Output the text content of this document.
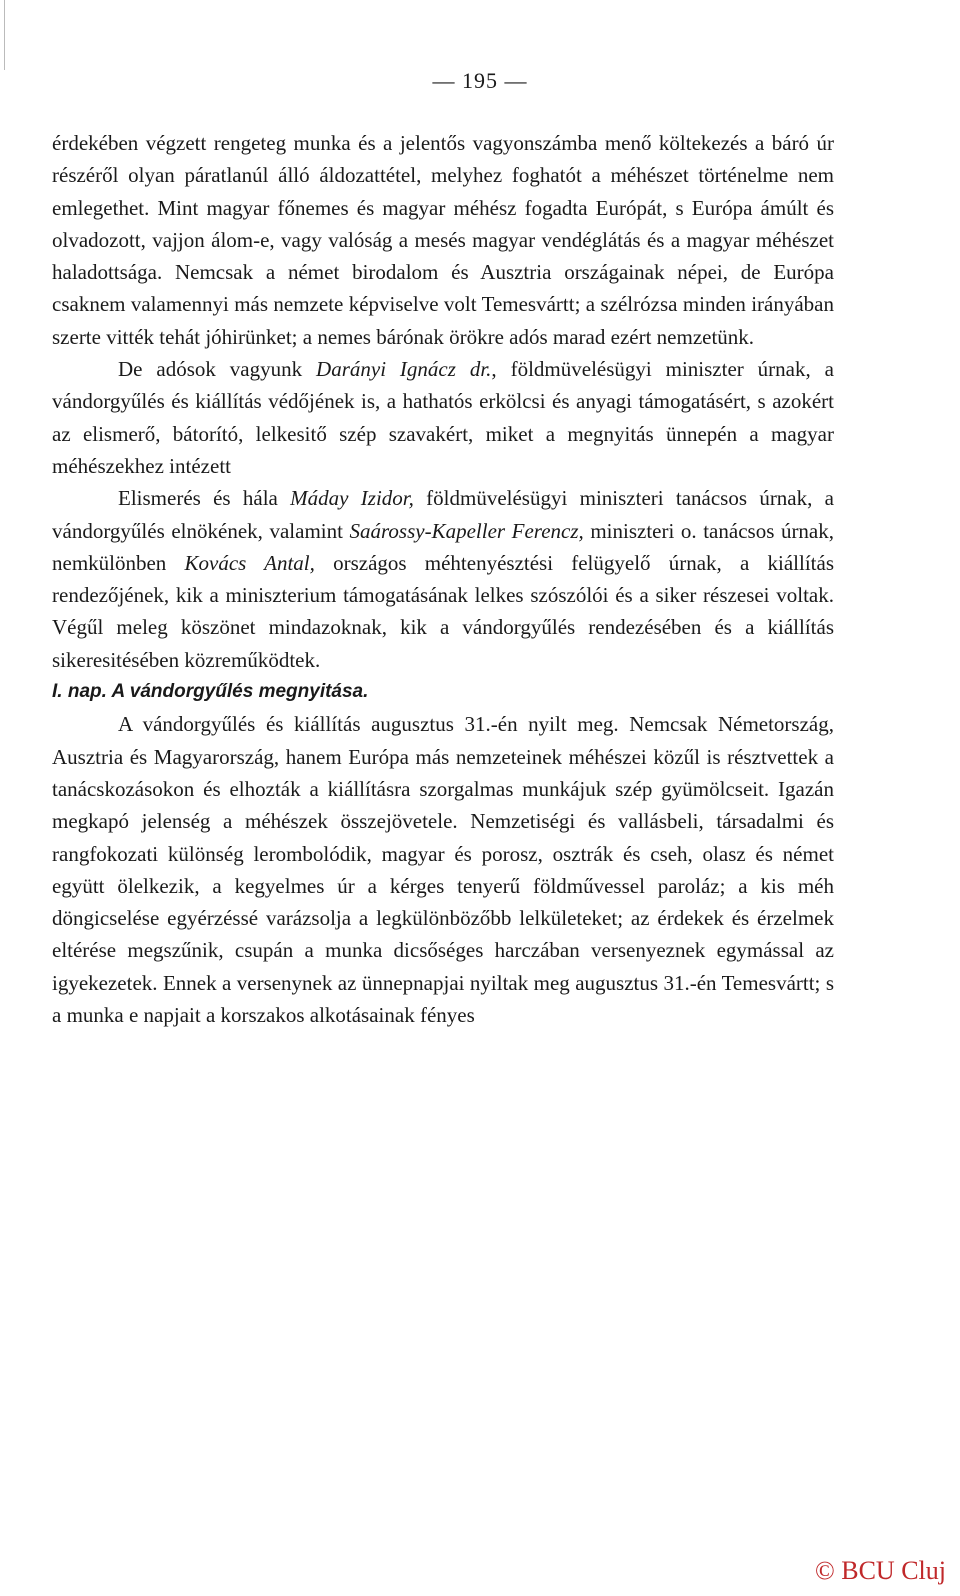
— 195 —

érdekében végzett rengeteg munka és a jelentős vagyonszámba menő költekezés a báró úr részéről olyan páratlanúl álló áldozattétel, melyhez foghatót a méhészet történelme nem emlegethet. Mint magyar főnemes és magyar méhész fogadta Európát, s Európa ámúlt és olvadozott, vajjon álom-e, vagy valóság a mesés magyar vendéglátás és a magyar méhészet haladottsága. Nemcsak a német birodalom és Ausztria országainak népei, de Európa csaknem valamennyi más nemzete képviselve volt Temesvártt; a szélrózsa minden irányában szerte vitték tehát jóhirünket; a nemes bárónak örökre adós marad ezért nemzetünk.

De adósok vagyunk Darányi Ignácz dr., földmüvelésügyi miniszter úrnak, a vándorgyűlés és kiállítás védőjének is, a hathatós erkölcsi és anyagi támogatásért, s azokért az elismerő, bátorító, lelkesitő szép szavakért, miket a megnyitás ünnepén a magyar méhészekhez intézett

Elismerés és hála Máday Izidor, földmüvelésügyi miniszteri tanácsos úrnak, a vándorgyűlés elnökének, valamint Saárossy-Kapeller Ferencz, miniszteri o. tanácsos úrnak, nemkülönben Kovács Antal, országos méhtenyésztési felügyelő úrnak, a kiállítás rendezőjének, kik a miniszterium támogatásának lelkes szószólói és a siker részesei voltak. Végűl meleg köszönet mindazoknak, kik a vándorgyűlés rendezésében és a kiállítás sikeresitésében közreműködtek.

I. nap. A vándorgyűlés megnyitása.

A vándorgyűlés és kiállítás augusztus 31.-én nyilt meg. Nemcsak Németország, Ausztria és Magyarország, hanem Európa más nemzeteinek méhészei közűl is résztvettek a tanácskozásokon és elhozták a kiállításra szorgalmas munkájuk szép gyümölcseit. Igazán megkapó jelenség a méhészek összejövetele. Nemzetiségi és vallásbeli, társadalmi és rangfokozati különség lerombolódik, magyar és porosz, osztrák és cseh, olasz és német együtt ölelkezik, a kegyelmes úr a kérges tenyerű földművessel paroláz; a kis méh döngicselése egyérzéssé varázsolja a legkülönbözőbb lelkületeket; az érdekek és érzelmek eltérése megszűnik, csupán a munka dicsőséges harczában versenyeznek egymással az igyekezetek. Ennek a versenynek az ünnepnapjai nyiltak meg augusztus 31.-én Temesvártt; s a munka e napjait a korszakos alkotásainak fényes

© BCU Cluj
